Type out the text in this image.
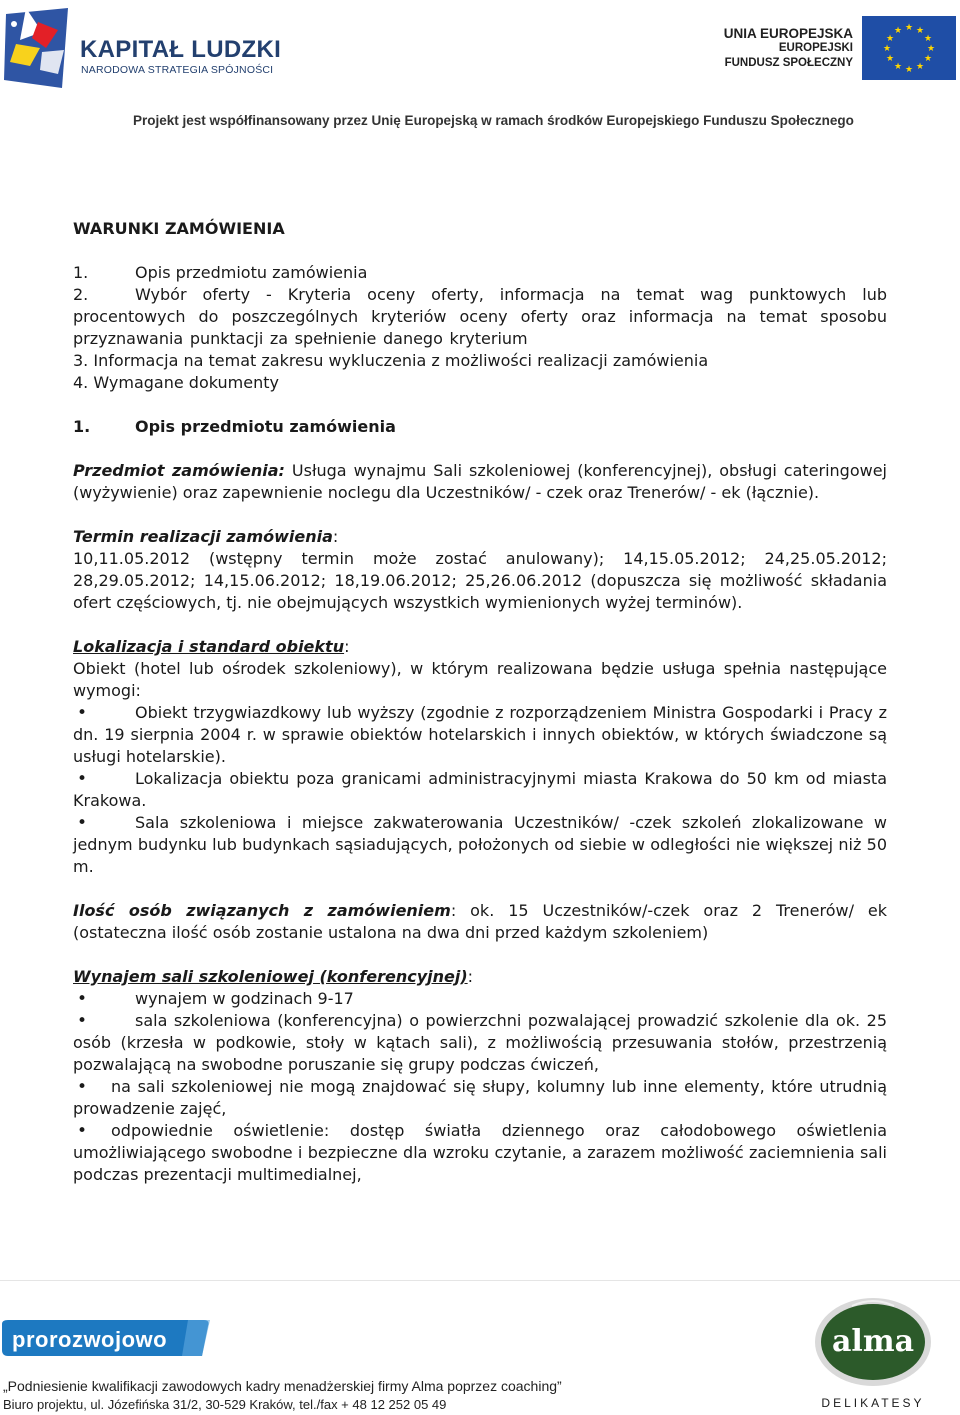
KAPITAŁ LUDZKI
NARODOWA STRATEGIA SPÓJNOŚCI
UNIA EUROPEJSKA
EUROPEJSKI
FUNDUSZ SPOŁECZNY
★ ★
★
★
★
★
★
★
★
★
★
★
Projekt jest współfinansowany przez Unię Europejską w ramach środków Europejskiego Funduszu Społecznego

WARUNKI ZAMÓWIENIA

1.	Opis przedmiotu zamówienia

2.	Wybór oferty - Kryteria oceny oferty, informacja na temat wag punktowych lub procentowych do poszczególnych kryteriów oceny oferty oraz informacja na temat sposobu przyznawania punktacji za spełnienie danego kryterium

3. Informacja na temat zakresu wykluczenia z możliwości realizacji zamówienia

4. Wymagane dokumenty

1.	Opis przedmiotu zamówienia

Przedmiot zamówienia: Usługa wynajmu Sali szkoleniowej (konferencyjnej), obsługi cateringowej (wyżywienie) oraz zapewnienie noclegu dla Uczestników/ - czek oraz Trenerów/ - ek (łącznie).

Termin realizacji zamówienia:

10,11.05.2012 (wstępny termin może zostać anulowany); 14,15.05.2012; 24,25.05.2012; 28,29.05.2012; 14,15.06.2012; 18,19.06.2012; 25,26.06.2012 (dopuszcza się możliwość składania ofert częściowych, tj. nie obejmujących wszystkich wymienionych wyżej terminów).

Lokalizacja i standard obiektu:

Obiekt (hotel lub ośrodek szkoleniowy), w którym realizowana będzie usługa spełnia następujące wymogi:

•Obiekt trzygwiazdkowy lub wyższy (zgodnie z rozporządzeniem Ministra Gospodarki i Pracy z dn. 19 sierpnia 2004 r. w sprawie obiektów hotelarskich i innych obiektów, w których świadczone są usługi hotelarskie).

•Lokalizacja obiektu poza granicami administracyjnymi miasta Krakowa do 50 km od miasta Krakowa.

•Sala szkoleniowa i miejsce zakwaterowania Uczestników/ -czek szkoleń zlokalizowane w jednym budynku lub budynkach sąsiadujących, położonych od siebie w odległości nie większej niż 50 m.

Ilość osób związanych z zamówieniem: ok. 15 Uczestników/-czek oraz 2 Trenerów/ ek (ostateczna ilość osób zostanie ustalona na dwa dni przed każdym szkoleniem)

Wynajem sali szkoleniowej (konferencyjnej):

•wynajem w godzinach 9-17

•sala szkoleniowa (konferencyjna) o powierzchni pozwalającej prowadzić szkolenie dla ok. 25 osób (krzesła w podkowie, stoły w kątach sali), z możliwością przesuwania stołów, przestrzenią pozwalającą na swobodne poruszanie się grupy podczas ćwiczeń,

•na sali szkoleniowej nie mogą znajdować się słupy, kolumny lub inne elementy, które utrudnią prowadzenie zajęć,

•odpowiednie oświetlenie: dostęp światła dziennego oraz całodobowego oświetlenia umożliwiającego swobodne i bezpieczne dla wzroku czytanie, a zarazem możliwość zaciemnienia sali podczas prezentacji multimedialnej,

prorozwojowo	alma
DELIKATESY
„Podniesienie kwalifikacji zawodowych kadry menadżerskiej firmy Alma poprzez coaching”
Biuro projektu, ul. Józefińska 31/2, 30-529 Kraków, tel./fax + 48 12 252 05 49
